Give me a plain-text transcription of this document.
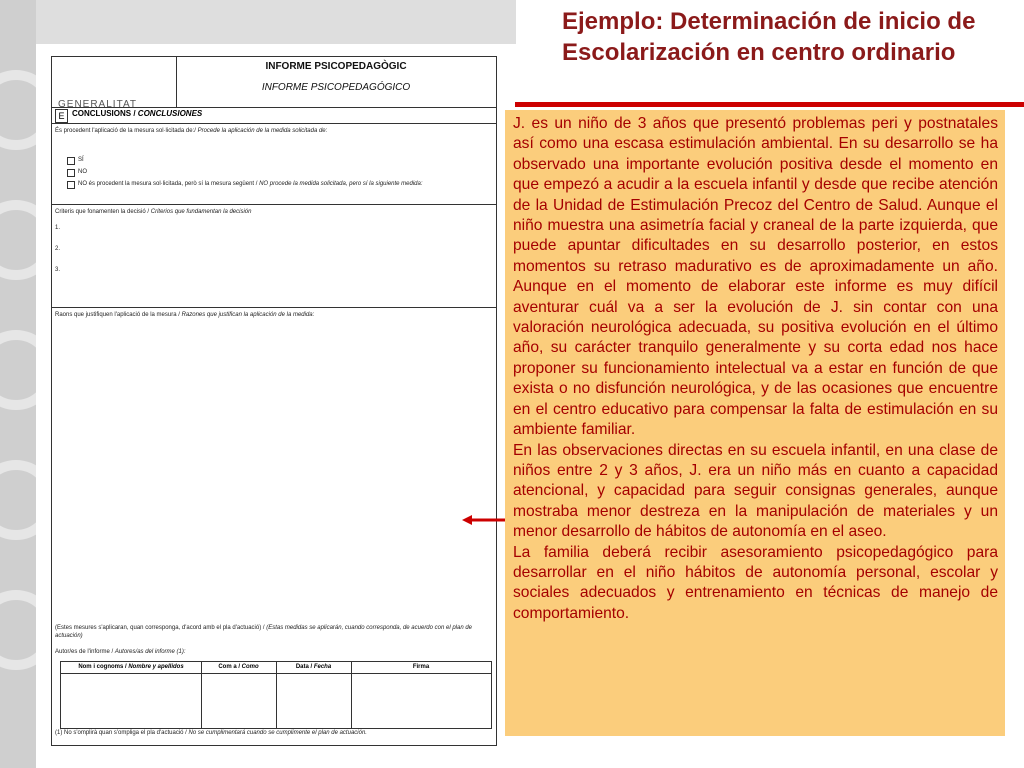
GENERALITAT
INFORME PSICOPEDAGÒGIC
INFORME PSICOPEDAGÓGICO
E CONCLUSIONS / CONCLUSIONES
És procedent l'aplicació de la mesura sol·licitada de:/ Procede la aplicación de la medida solicitada de:
SÍ
NO
NO és procedent la mesura sol·licitada, però sí la mesura següent / NO procede la medida solicitada, pero sí la siguiente medida:
Criteris que fonamenten la decisió / Criterios que fundamentan la decisión
1.
2.
3.
Raons que justifiquen l'aplicació de la mesura / Razones que justifican la aplicación de la medida:
(Estes mesures s'aplicaran, quan corresponga, d'acord amb el pla d'actuació) / (Estas medidas se aplicarán, cuando corresponda, de acuerdo con el plan de actuación)
Autor/es de l'informe / Autores/as del informe (1):
Nom i cognoms / Nombre y apellidos	Com a / Como	Data / Fecha	Firma
(1) No s'omplirà quan s'ompliga el pla d'actuació / No se cumplimentará cuando se cumplimente el plan de actuación.
Ejemplo: Determinación de inicio de Escolarización en centro ordinario

J. es un niño de 3 años que presentó problemas peri y postnatales así como una escasa estimulación ambiental. En su desarrollo se ha observado una importante evolución positiva desde el momento en que empezó a acudir a la escuela infantil y desde que recibe atención de la Unidad de Estimulación Precoz del Centro de Salud. Aunque el niño muestra una asimetría facial y craneal de la parte izquierda, que puede apuntar dificultades en su desarrollo posterior, en estos momentos su retraso madurativo es de aproximadamente un año. Aunque en el momento de elaborar este informe es muy difícil aventurar cuál va a ser la evolución de J. sin contar con una valoración neurológica adecuada, su positiva evolución en el último año, su carácter tranquilo generalmente y su corta edad nos hace proponer su funcionamiento intelectual va a estar en función de que exista o no disfunción neurológica, y de las ocasiones que encuentre en el centro educativo para compensar la falta de estimulación en su ambiente familiar.

En las observaciones directas en su escuela infantil, en una clase de niños entre 2 y 3 años, J. era un niño más en cuanto a capacidad atencional, y capacidad para seguir consignas generales, aunque mostraba menor destreza en la manipulación de materiales y un menor desarrollo de hábitos de autonomía en el aseo.

La familia deberá recibir asesoramiento psicopedagógico para desarrollar en el niño hábitos de autonomía personal, escolar y sociales adecuados y entrenamiento en técnicas de manejo de comportamiento.
